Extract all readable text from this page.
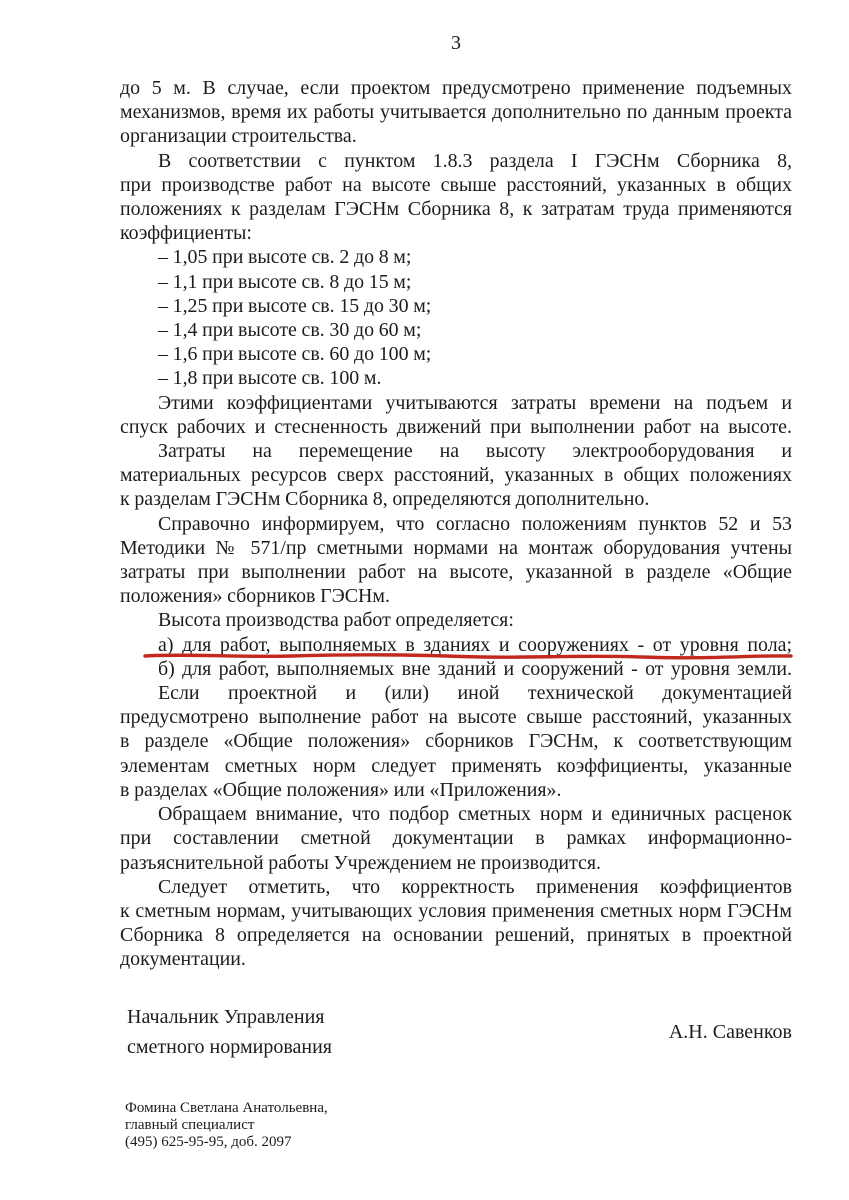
3
до 5 м. В случае, если проектом предусмотрено применение подъемных
механизмов, время их работы учитывается дополнительно по данным проекта
организации строительства.
В соответствии с пунктом 1.8.3 раздела I ГЭСНм Сборника 8,
при производстве работ на высоте свыше расстояний, указанных в общих
положениях к разделам ГЭСНм Сборника 8, к затратам труда применяются
коэффициенты:
– 1,05 при высоте св. 2 до 8 м;
– 1,1 при высоте св. 8 до 15 м;
– 1,25 при высоте св. 15 до 30 м;
– 1,4 при высоте св. 30 до 60 м;
– 1,6 при высоте св. 60 до 100 м;
– 1,8 при высоте св. 100 м.
Этими коэффициентами учитываются затраты времени на подъем и
спуск рабочих и стесненность движений при выполнении работ на высоте.
Затраты на перемещение на высоту электрооборудования и
материальных ресурсов сверх расстояний, указанных в общих положениях
к разделам ГЭСНм Сборника 8, определяются дополнительно.
Справочно информируем, что согласно положениям пунктов 52 и 53
Методики № 571/пр сметными нормами на монтаж оборудования учтены
затраты при выполнении работ на высоте, указанной в разделе «Общие
положения» сборников ГЭСНм.
Высота производства работ определяется:
а) для работ, выполняемых в зданиях и сооружениях - от уровня пола;
б) для работ, выполняемых вне зданий и сооружений - от уровня земли.
Если проектной и (или) иной технической документацией
предусмотрено выполнение работ на высоте свыше расстояний, указанных
в разделе «Общие положения» сборников ГЭСНм, к соответствующим
элементам сметных норм следует применять коэффициенты, указанные
в разделах «Общие положения» или «Приложения».
Обращаем внимание, что подбор сметных норм и единичных расценок
при составлении сметной документации в рамках информационно-
разъяснительной работы Учреждением не производится.
Следует отметить, что корректность применения коэффициентов
к сметным нормам, учитывающих условия применения сметных норм ГЭСНм
Сборника 8 определяется на основании решений, принятых в проектной
документации.
Начальник Управления
сметного нормирования
А.Н. Савенков
Фомина Светлана Анатольевна,
главный специалист
(495) 625-95-95, доб. 2097
